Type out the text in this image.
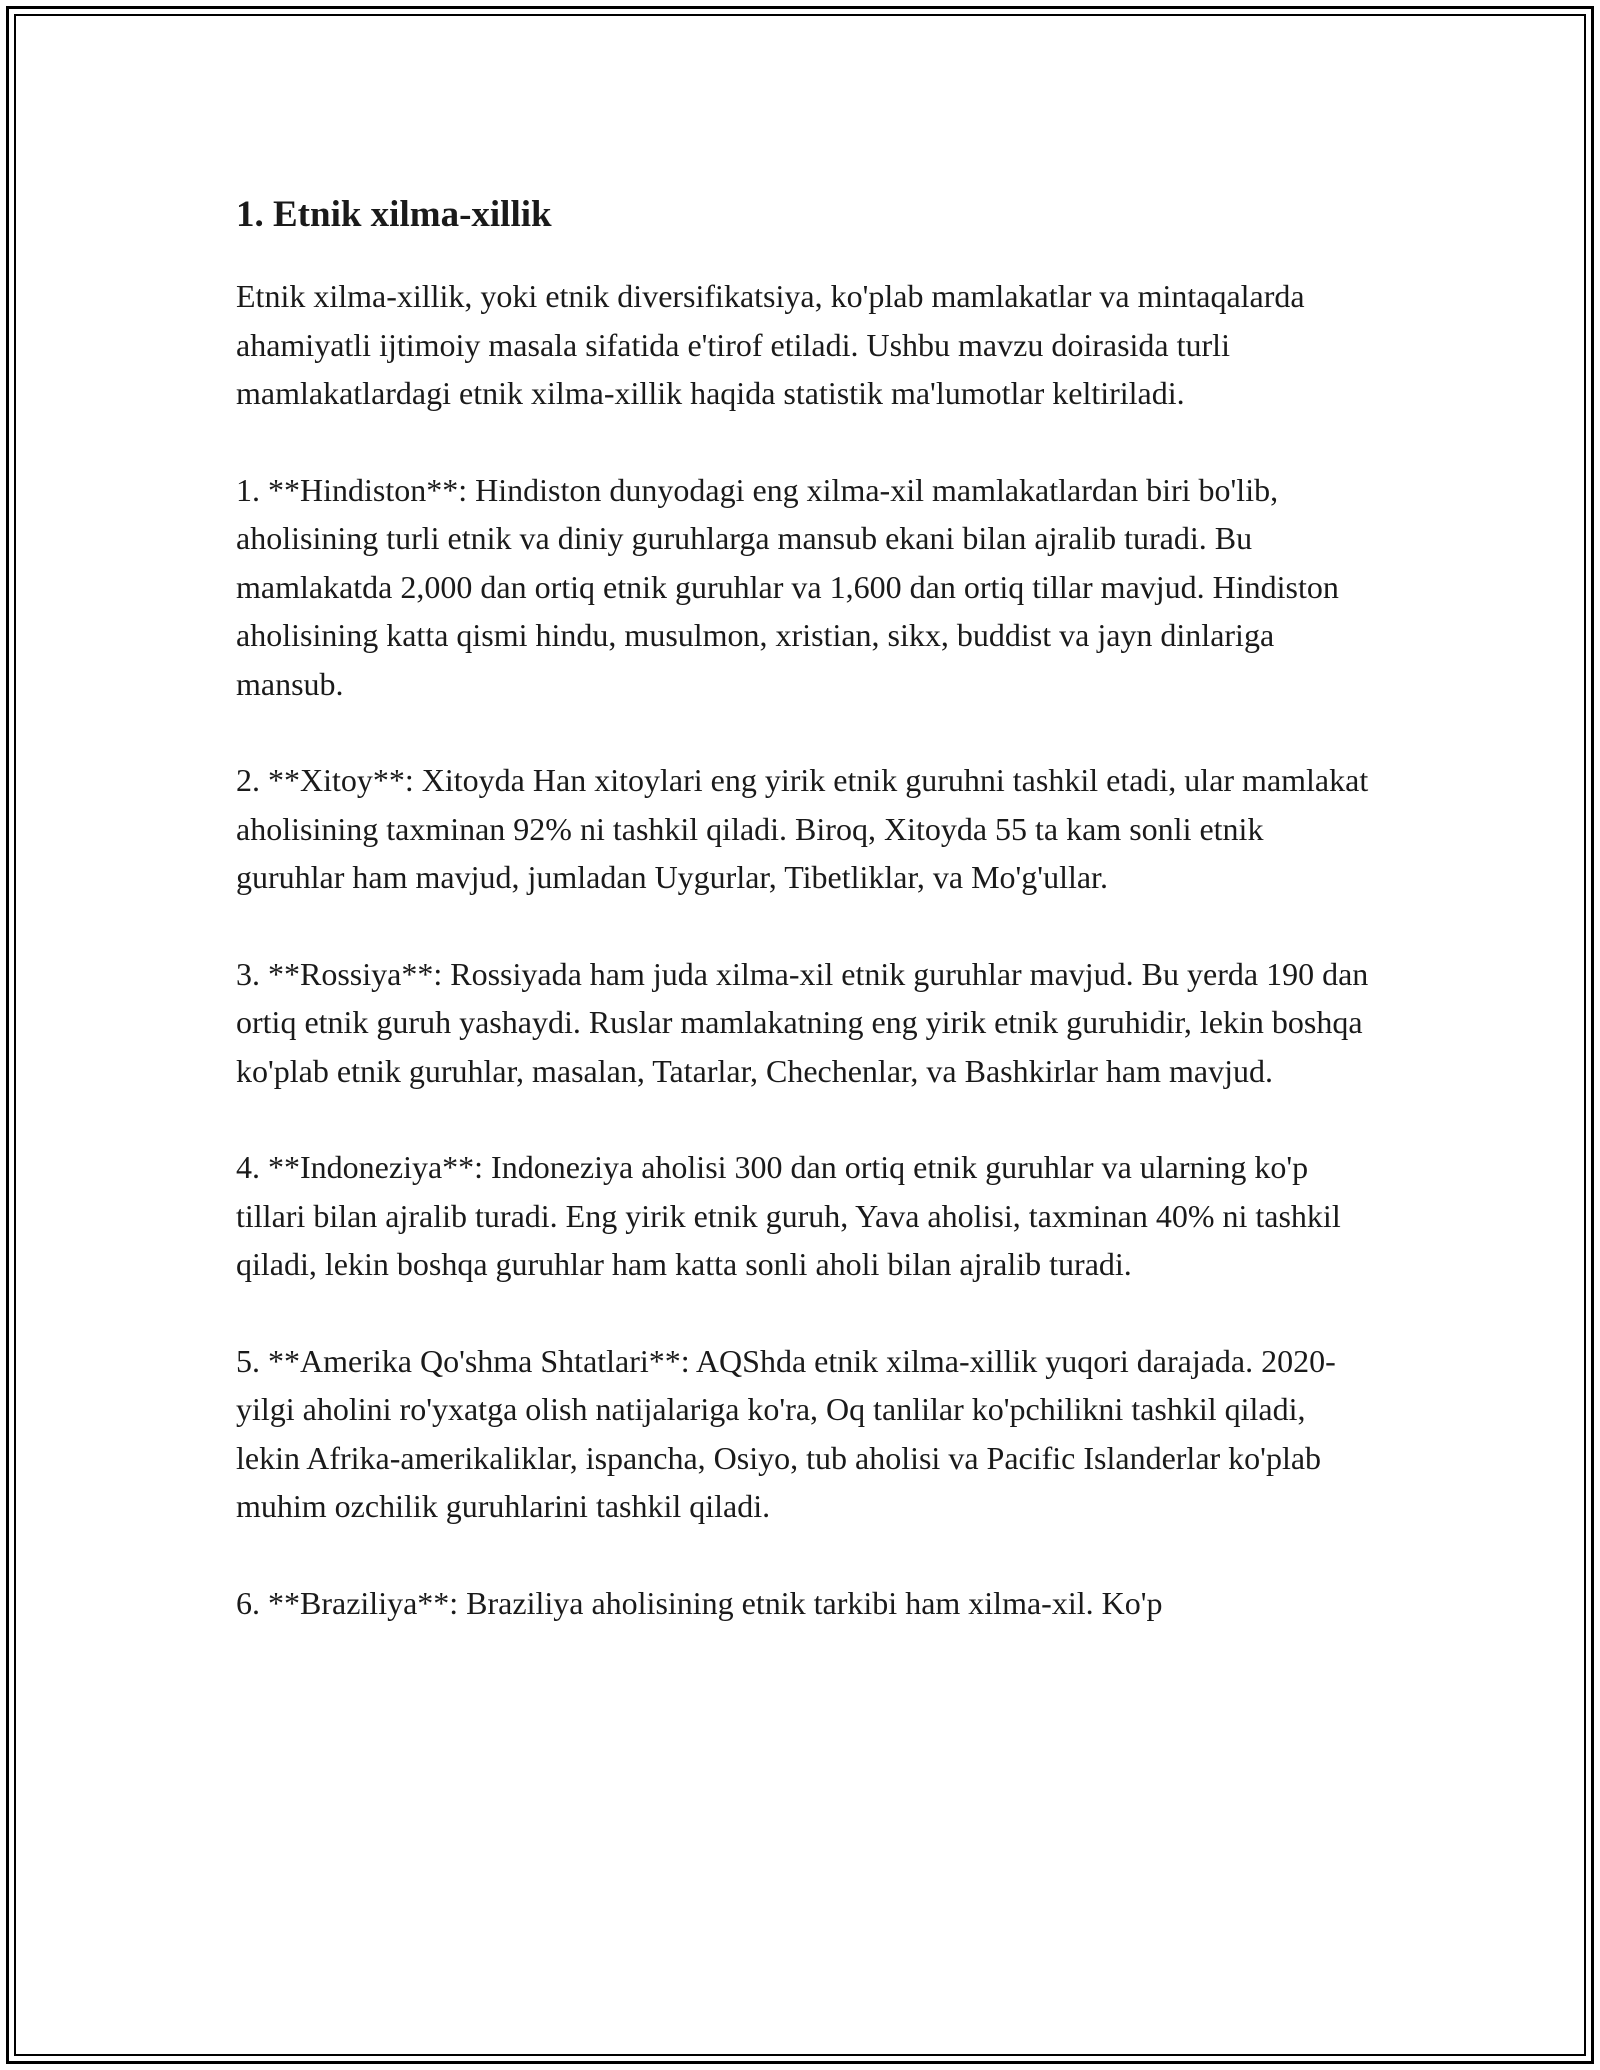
1. Etnik xilma-xillik

Etnik xilma-xillik, yoki etnik diversifikatsiya, ko'plab mamlakatlar va mintaqalarda ahamiyatli ijtimoiy masala sifatida e'tirof etiladi. Ushbu mavzu doirasida turli mamlakatlardagi etnik xilma-xillik haqida statistik ma'lumotlar keltiriladi.

1. **Hindiston**: Hindiston dunyodagi eng xilma-xil mamlakatlardan biri bo'lib, aholisining turli etnik va diniy guruhlarga mansub ekani bilan ajralib turadi. Bu mamlakatda 2,000 dan ortiq etnik guruhlar va 1,600 dan ortiq tillar mavjud. Hindiston aholisining katta qismi hindu, musulmon, xristian, sikx, buddist va jayn dinlariga mansub.

2. **Xitoy**: Xitoyda Han xitoylari eng yirik etnik guruhni tashkil etadi, ular mamlakat aholisining taxminan 92% ni tashkil qiladi. Biroq, Xitoyda 55 ta kam sonli etnik guruhlar ham mavjud, jumladan Uygurlar, Tibetliklar, va Mo'g'ullar.

3. **Rossiya**: Rossiyada ham juda xilma-xil etnik guruhlar mavjud. Bu yerda 190 dan ortiq etnik guruh yashaydi. Ruslar mamlakatning eng yirik etnik guruhidir, lekin boshqa ko'plab etnik guruhlar, masalan, Tatarlar, Chechenlar, va Bashkirlar ham mavjud.

4. **Indoneziya**: Indoneziya aholisi 300 dan ortiq etnik guruhlar va ularning ko'p tillari bilan ajralib turadi. Eng yirik etnik guruh, Yava aholisi, taxminan 40% ni tashkil qiladi, lekin boshqa guruhlar ham katta sonli aholi bilan ajralib turadi.

5. **Amerika Qo'shma Shtatlari**: AQShda etnik xilma-xillik yuqori darajada. 2020-yilgi aholini ro'yxatga olish natijalariga ko'ra, Oq tanlilar ko'pchilikni tashkil qiladi, lekin Afrika-amerikaliklar, ispancha, Osiyo, tub aholisi va Pacific Islanderlar ko'plab muhim ozchilik guruhlarini tashkil qiladi.

6. **Braziliya**: Braziliya aholisining etnik tarkibi ham xilma-xil. Ko'p
